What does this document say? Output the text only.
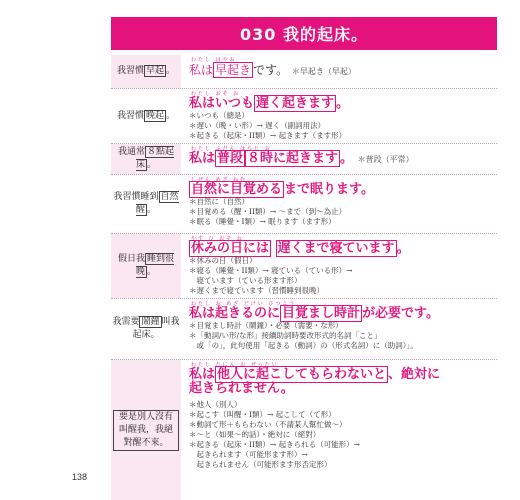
030 我的起床。
我習慣 早起 。
わたし はやお
私は 早起き です。 ＊早起き（早起）
我習慣 晚起 。
わたし おそ お
私はいつも 遅く起きます 。
＊いつも（總是）
＊遅い（晚・い形）→ 遅く（副詞用法）
＊起きる（起床・II類）→ 起きます（ます形）
我通常 ８點起床 。
わたし ふだん はちじ お
私は 普段 ８時に起きます 。 ＊普段（平常）
我習慣睡到 自然醒 。
しぜん めざ ねむ
自然に目覚める まで眠ります。
＊自然に（自然）
＊目覚める（醒・II類）→ ～まで（到～為止）
＊眠る（睡覺・I類）→ 眠ります（ます形）
假日我 睡到很晚 。
やす ひ おそ ね
休みの日には 遅くまで寝ています 。
＊休みの日（假日）
＊寝る（睡覺・II類）→ 寝ている（ている形）→
　寝ています（ている形ます形）
＊遅くまで寝ています（習慣睡到很晚）
我需要 鬧鐘 叫我起床。
わたし お めざ どけい ひつよう
私は起きるのに 目覚まし時計 が必要です。
＊目覚まし時計（鬧鐘）・必要（需要・な形）
＊「動詞/い形/な形」接續助詞時要改形式的名詞「こと」
　或「の」，此句使用「起きる（動詞）の（形式名詞）に（助詞）」。
要是別人沒有叫醒我，我絕對醒不來。
わたし たにん お ぜったい
私は 他人に起こしてもらわないと 、絶対に
起きられません。
＊他人（別人）
＊起こす（叫醒・I類）→ 起こして（て形）
＊動詞て形＋もらわない（不請某人幫忙做～）
＊～と（如果～的話）・絶対に（絕對）
＊起きる（起床・II類）→ 起きられる（可能形）→
　起きられます（可能形ます形）→
　起きられません（可能形ます形否定形）
138
